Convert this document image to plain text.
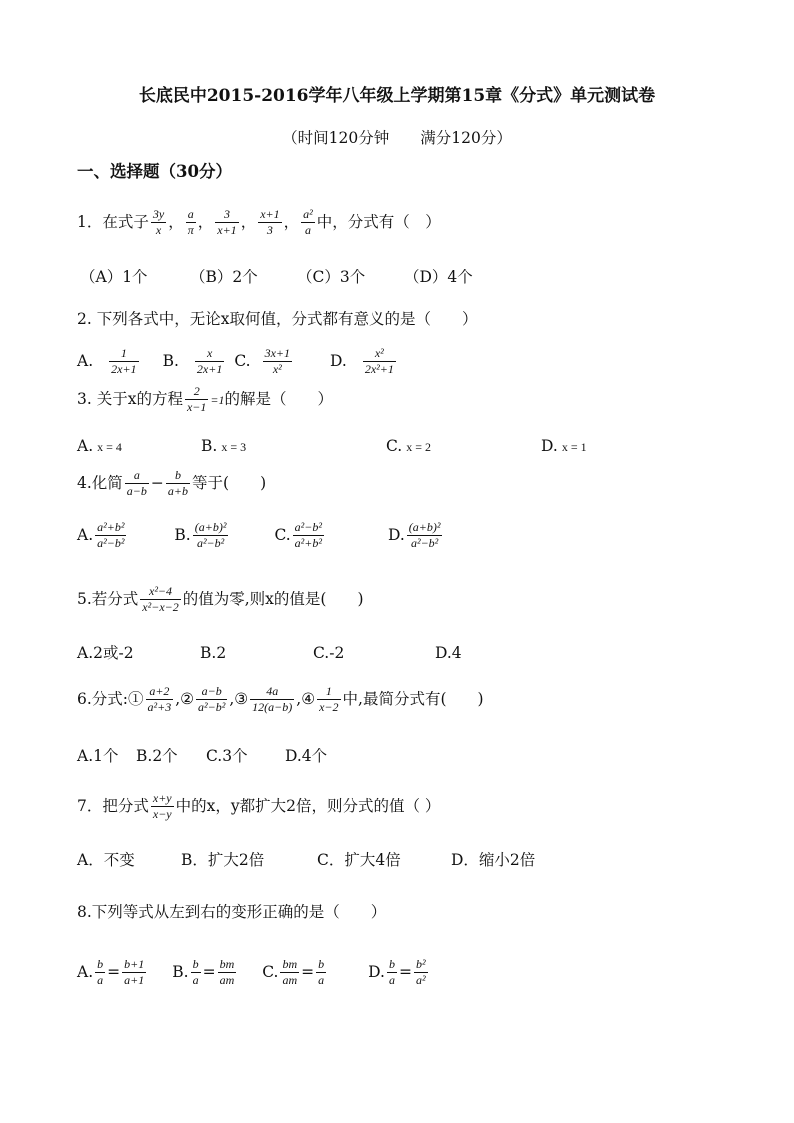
长底民中2015-2016学年八年级上学期第15章《分式》单元测试卷
（时间120分钟　　满分120分）
一、选择题（30分）
1．在式子 $\frac{3y}{x}$ ， $\frac{a}{\pi}$ ， $\frac{3}{x+1}$ ， $\frac{x+1}{3}$ ， $\frac{\text{a²}}{a}$ 中，分式有（　）
（A）1个	（B）2个	（C）3个	（D）4个
2. 下列各式中，无论x取何值，分式都有意义的是（　　）
A. $\frac{1}{2x+1} B$. $\frac{x}{2x+1} C$. $\frac{3x+1}{\text{x²}} D$. $\frac{\text{x²}}{\text{2x²+1}}$
3. 关于x的方程 $\frac{2}{x-1} =1$ 的解是（　　）
A. x = 4	B. x = 3	C. x = 2	D. x = 1
4.化简 $\frac{a}{a-b} - \frac{b}{a+b}$ 等于(　　)
A. $\frac{\text{a²+b²}}{\text{a²−b²}}$	B. $\frac{\text{(a+b)²}}{\text{a²−b²}}$	C. $\frac{\text{a²−b²}}{\text{a²+b²}}$	D. $\frac{\text{(a+b)²}}{\text{a²−b²}}$
5.若分式 $\frac{\text{x²−4}}{\text{x²−x−2}}$ 的值为零,则x的值是(　　)
A.2或-2	B.2	C.-2	D.4
6.分式:① $\frac{a+2}{\text{a²+3}}$ ,② $\frac{a-b}{\text{a²−b²}}$ ,③ $\frac{4a}{12(a-b)}$ ,④ $\frac{1}{x-2}$ 中,最简分式有(　　)
A.1个 B.2个 C.3个 D.4个
7．把分式 $\frac{x+y}{x-y}$ 中的x，y都扩大2倍，则分式的值（ ）
A．不变	B．扩大2倍	C．扩大4倍	D．缩小2倍
8.下列等式从左到右的变形正确的是（　　）
A. $\frac{b}{a} = \frac{b+1}{a+1} B$. $\frac{b}{a} = \frac{bm}{am} C$. $\frac{bm}{am} = \frac{b}{a}$	D. $\frac{b}{a} = \frac{\text{b²}}{\text{a²}}$
